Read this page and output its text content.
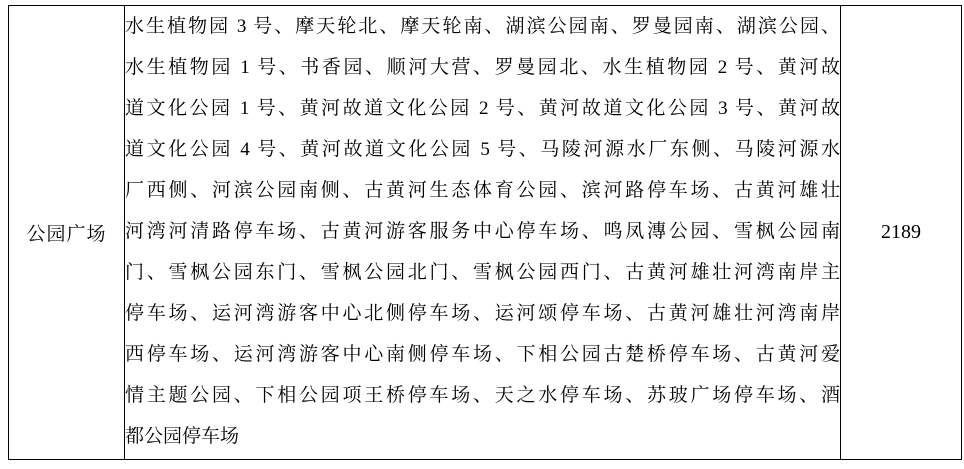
公园广场	
水生植物园 3 号、摩天轮北、摩天轮南、湖滨公园南、罗曼园南、湖滨公园、
水生植物园 1 号、书香园、顺河大营、罗曼园北、水生植物园 2 号、黄河故
道文化公园 1 号、黄河故道文化公园 2 号、黄河故道文化公园 3 号、黄河故
道文化公园 4 号、黄河故道文化公园 5 号、马陵河源水厂东侧、马陵河源水
厂西侧、河滨公园南侧、古黄河生态体育公园、滨河路停车场、古黄河雄壮
河湾河清路停车场、古黄河游客服务中心停车场、鸣凤漙公园、雪枫公园南
门、雪枫公园东门、雪枫公园北门、雪枫公园西门、古黄河雄壮河湾南岸主
停车场、运河湾游客中心北侧停车场、运河颂停车场、古黄河雄壮河湾南岸
西停车场、运河湾游客中心南侧停车场、下相公园古楚桥停车场、古黄河爱
情主题公园、下相公园项王桥停车场、天之水停车场、苏玻广场停车场、酒
都公园停车场
	2189
